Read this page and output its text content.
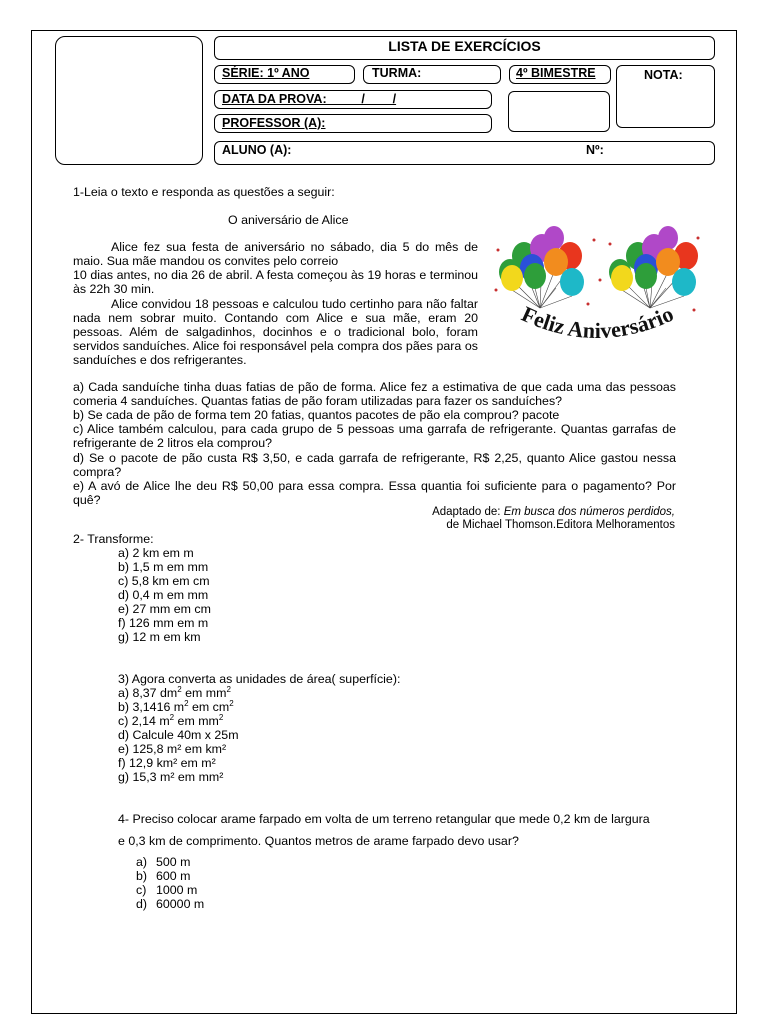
LISTA DE EXERCÍCIOS
SÉRIE: 1º ANO	TURMA:	4º BIMESTRE	NOTA:
DATA DA PROVA:          /        /
PROFESSOR (A):
ALUNO (A):	Nº:
1-Leia o texto e responda as questões a seguir:
O aniversário de Alice
Alice fez sua festa de aniversário no sábado, dia 5 do mês de maio. Sua mãe mandou os convites pelo correio
10 dias antes, no dia 26 de abril. A festa começou às 19 horas e terminou às 22h 30 min.
Alice convidou 18 pessoas e calculou tudo certinho para não faltar nada nem sobrar muito. Contando com Alice e sua mãe, eram 20 pessoas. Além de salgadinhos, docinhos e o tradicional bolo, foram servidos sanduíches. Alice foi responsável pela compra dos pães para os sanduíches e dos refrigerantes.
Feliz Aniversário
a) Cada sanduíche tinha duas fatias de pão de forma. Alice fez a estimativa de que cada uma das pessoas comeria 4 sanduíches. Quantas fatias de pão foram utilizadas para fazer os sanduíches?
b) Se cada de pão de forma tem 20 fatias, quantos pacotes de pão ela comprou? pacote
c) Alice também calculou, para cada grupo de 5 pessoas uma garrafa de refrigerante. Quantas garrafas de refrigerante de 2 litros ela comprou?
d) Se o pacote de pão custa R$ 3,50, e cada garrafa de refrigerante, R$ 2,25, quanto Alice gastou nessa compra?
e) A avó de Alice lhe deu R$ 50,00 para essa compra. Essa quantia foi suficiente para o pagamento? Por quê?
Adaptado de: Em busca dos números perdidos,
de Michael Thomson.Editora Melhoramentos
2- Transforme:
a) 2 km em m
b) 1,5 m em mm
c) 5,8 km em cm
d) 0,4 m em mm
e) 27 mm em cm
f) 126 mm em m
g) 12 m em km
3) Agora converta as unidades de área( superfície):
a) 8,37 $dm^2$ em $mm^2$
b) 3,1416 $m^2$ em $cm^2$
c) 2,14 $m^2$ em $mm^2$
d) Calcule 40m x 25m
e) 125,8 m² em km²
f) 12,9 km² em m²
g) 15,3 m² em mm²
4- Preciso colocar arame farpado em volta de um terreno retangular que mede 0,2 km de largura
e 0,3 km de comprimento. Quantos metros de arame farpado devo usar?
a) 500 m
b) 600 m
c) 1000 m
d) 60000 m
